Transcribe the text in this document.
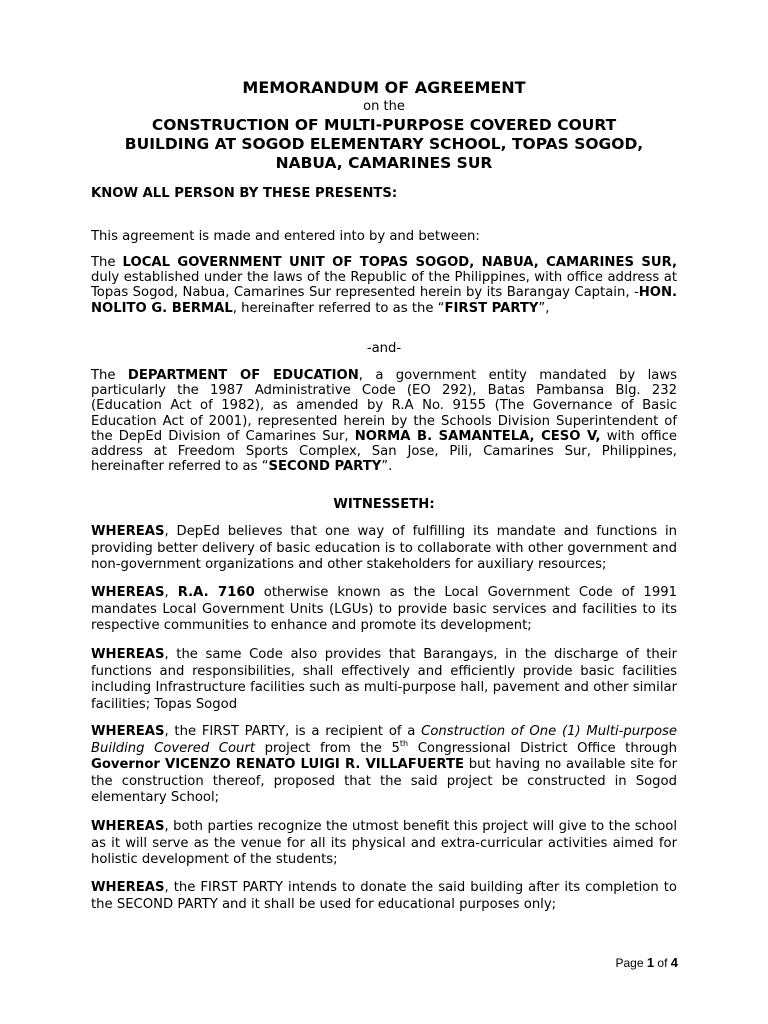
MEMORANDUM OF AGREEMENT

on the

CONSTRUCTION OF MULTI-PURPOSE COVERED COURT BUILDING AT SOGOD ELEMENTARY SCHOOL, TOPAS SOGOD, NABUA, CAMARINES SUR

KNOW ALL PERSON BY THESE PRESENTS:

This agreement is made and entered into by and between:

The LOCAL GOVERNMENT UNIT OF TOPAS SOGOD, NABUA, CAMARINES SUR, duly established under the laws of the Republic of the Philippines, with office address at Topas Sogod, Nabua, Camarines Sur represented herein by its Barangay Captain, -HON. NOLITO G. BERMAL, hereinafter referred to as the “FIRST PARTY”,

-and-

The DEPARTMENT OF EDUCATION, a government entity mandated by laws particularly the 1987 Administrative Code (EO 292), Batas Pambansa Blg. 232 (Education Act of 1982), as amended by R.A No. 9155 (The Governance of Basic Education Act of 2001), represented herein by the Schools Division Superintendent of the DepEd Division of Camarines Sur, NORMA B. SAMANTELA, CESO V, with office address at Freedom Sports Complex, San Jose, Pili, Camarines Sur, Philippines, hereinafter referred to as “SECOND PARTY”.

WITNESSETH:

WHEREAS, DepEd believes that one way of fulfilling its mandate and functions in providing better delivery of basic education is to collaborate with other government and non-government organizations and other stakeholders for auxiliary resources;

WHEREAS, R.A. 7160 otherwise known as the Local Government Code of 1991 mandates Local Government Units (LGUs) to provide basic services and facilities to its respective communities to enhance and promote its development;

WHEREAS, the same Code also provides that Barangays, in the discharge of their functions and responsibilities, shall effectively and efficiently provide basic facilities including Infrastructure facilities such as multi-purpose hall, pavement and other similar facilities; Topas Sogod

WHEREAS, the FIRST PARTY, is a recipient of a Construction of One (1) Multi-purpose Building Covered Court project from the 5th Congressional District Office through Governor VICENZO RENATO LUIGI R. VILLAFUERTE but having no available site for the construction thereof, proposed that the said project be constructed in Sogod elementary School;

WHEREAS, both parties recognize the utmost benefit this project will give to the school as it will serve as the venue for all its physical and extra-curricular activities aimed for holistic development of the students;

WHEREAS, the FIRST PARTY intends to donate the said building after its completion to the SECOND PARTY and it shall be used for educational purposes only;

Page 1 of 4
